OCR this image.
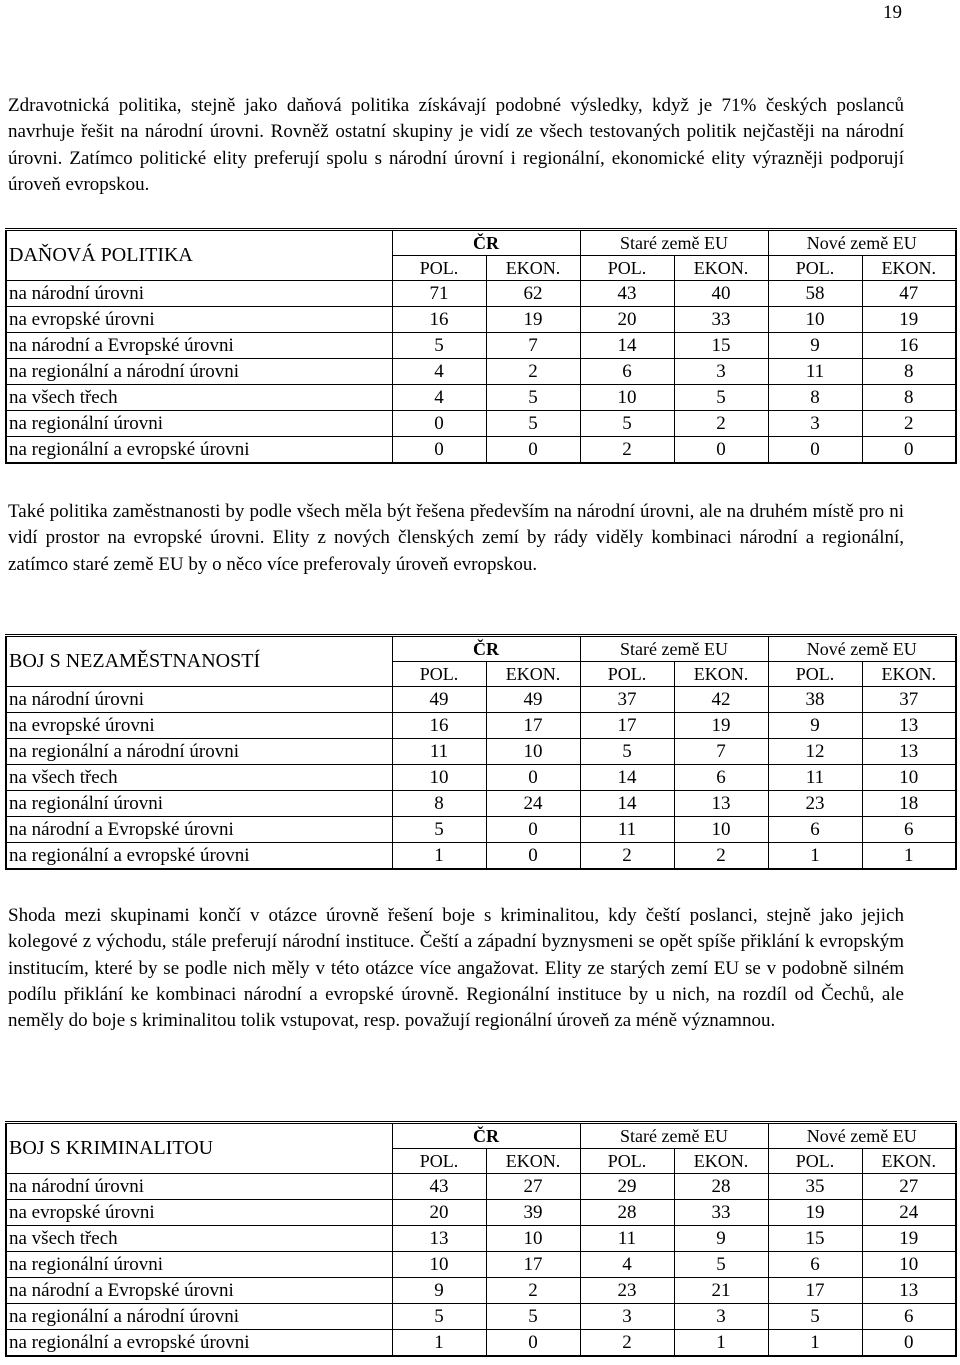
19

Zdravotnická politika, stejně jako daňová politika získávají podobné výsledky, když je 71% českých poslanců navrhuje řešit na národní úrovni. Rovněž ostatní skupiny je vidí ze všech testovaných politik nejčastěji na národní úrovni. Zatímco politické elity preferují spolu s národní úrovní i regionální, ekonomické elity výrazněji podporují úroveň evropskou.

DAŇOVÁ POLITIKA	ČR		Staré země EU		Nové země EU	
	POL.	EKON.	POL.	EKON.	POL.	EKON.
na národní úrovni	71	62	43	40	58	47
na evropské úrovni	16	19	20	33	10	19
na národní a Evropské úrovni	5	7	14	15	9	16
na regionální a národní úrovni	4	2	6	3	11	8
na všech třech	4	5	10	5	8	8
na regionální úrovni	0	5	5	2	3	2
na regionální a evropské úrovni	0	0	2	0	0	0

Také politika zaměstnanosti by podle všech měla být řešena především na národní úrovni, ale na druhém místě pro ni vidí prostor na evropské úrovni. Elity z nových členských zemí by rády viděly kombinaci národní a regionální, zatímco staré země EU by o něco více preferovaly úroveň evropskou.

BOJ S NEZAMĚSTNANOSTÍ	ČR		Staré země EU		Nové země EU	
	POL.	EKON.	POL.	EKON.	POL.	EKON.
na národní úrovni	49	49	37	42	38	37
na evropské úrovni	16	17	17	19	9	13
na regionální a národní úrovni	11	10	5	7	12	13
na všech třech	10	0	14	6	11	10
na regionální úrovni	8	24	14	13	23	18
na národní a Evropské úrovni	5	0	11	10	6	6
na regionální a evropské úrovni	1	0	2	2	1	1

Shoda mezi skupinami končí v otázce úrovně řešení boje s kriminalitou, kdy čeští poslanci, stejně jako jejich kolegové z východu, stále preferují národní instituce. Čeští a západní byznysmeni se opět spíše přiklání k evropským institucím, které by se podle nich měly v této otázce více angažovat. Elity ze starých zemí EU se v podobně silném podílu přiklání ke kombinaci národní a evropské úrovně. Regionální instituce by u nich, na rozdíl od Čechů, ale neměly do boje s kriminalitou tolik vstupovat, resp. považují regionální úroveň za méně významnou.

BOJ S KRIMINALITOU	ČR		Staré země EU		Nové země EU	
	POL.	EKON.	POL.	EKON.	POL.	EKON.
na národní úrovni	43	27	29	28	35	27
na evropské úrovni	20	39	28	33	19	24
na všech třech	13	10	11	9	15	19
na regionální úrovni	10	17	4	5	6	10
na národní a Evropské úrovni	9	2	23	21	17	13
na regionální a národní úrovni	5	5	3	3	5	6
na regionální a evropské úrovni	1	0	2	1	1	0
